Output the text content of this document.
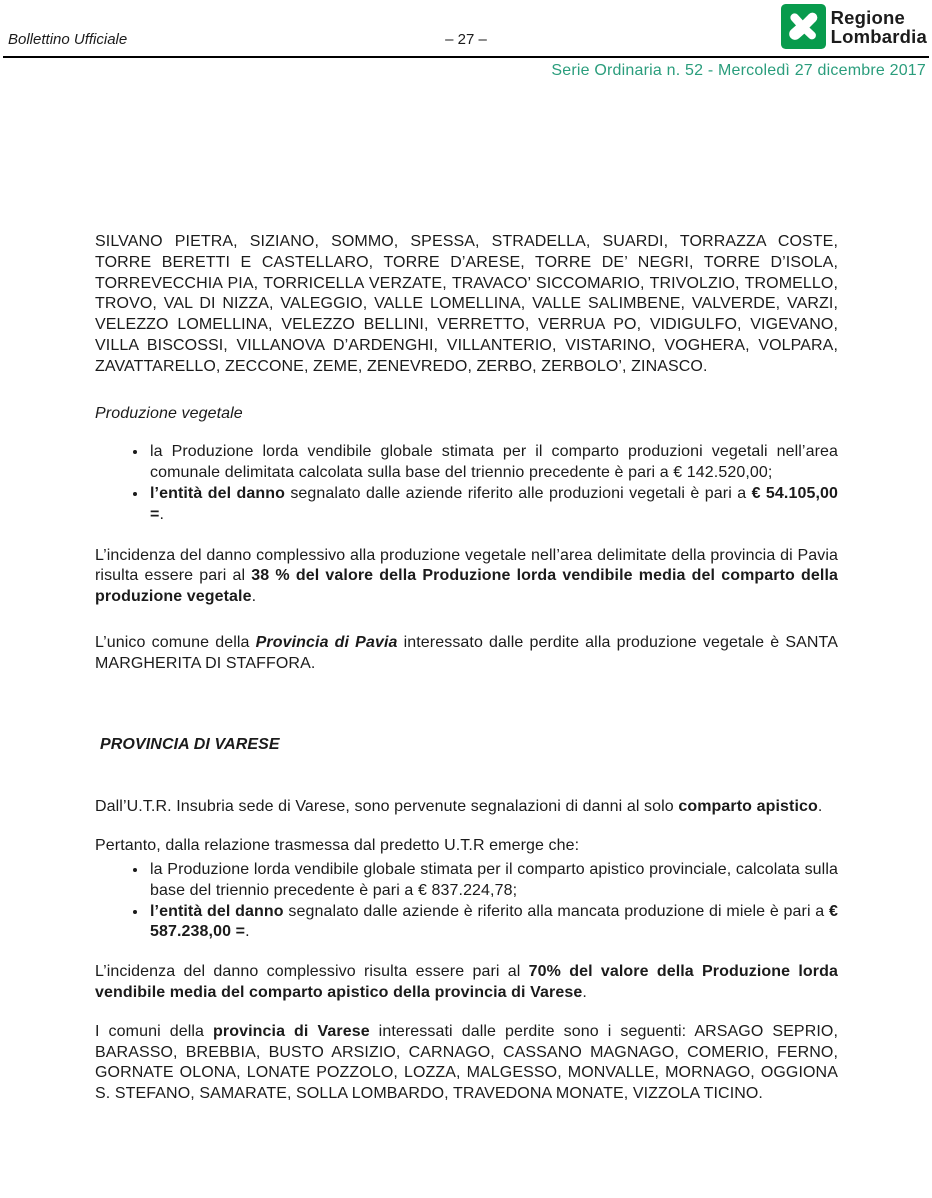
Bollettino Ufficiale	– 27 –
Regione
Lombardia
Serie Ordinaria n. 52 - Mercoledì 27 dicembre 2017

SILVANO PIETRA, SIZIANO, SOMMO, SPESSA, STRADELLA, SUARDI, TORRAZZA COSTE, TORRE BERETTI E CASTELLARO, TORRE D’ARESE, TORRE DE’ NEGRI, TORRE D’ISOLA, TORREVECCHIA PIA, TORRICELLA VERZATE, TRAVACO’ SICCOMARIO, TRIVOLZIO, TROMELLO, TROVO, VAL DI NIZZA, VALEGGIO, VALLE LOMELLINA, VALLE SALIMBENE, VALVERDE, VARZI, VELEZZO LOMELLINA, VELEZZO BELLINI, VERRETTO, VERRUA PO, VIDIGULFO, VIGEVANO, VILLA BISCOSSI, VILLANOVA D’ARDENGHI, VILLANTERIO, VISTARINO, VOGHERA, VOLPARA, ZAVATTARELLO, ZECCONE, ZEME, ZENEVREDO, ZERBO, ZERBOLO’, ZINASCO.

Produzione vegetale
• la Produzione lorda vendibile globale stimata per il comparto produzioni vegetali nell’area comunale delimitata calcolata sulla base del triennio precedente è pari a € 142.520,00;
• l’entità del danno segnalato dalle aziende riferito alle produzioni vegetali è pari a € 54.105,00 =.

L’incidenza del danno complessivo alla produzione vegetale nell’area delimitate della provincia di Pavia risulta essere pari al 38 % del valore della Produzione lorda vendibile media del comparto della produzione vegetale.

L’unico comune della Provincia di Pavia interessato dalle perdite alla produzione vegetale è SANTA MARGHERITA DI STAFFORA.

PROVINCIA DI VARESE

Dall’U.T.R. Insubria sede di Varese, sono pervenute segnalazioni di danni al solo comparto apistico.

Pertanto, dalla relazione trasmessa dal predetto U.T.R emerge che:

• la Produzione lorda vendibile globale stimata per il comparto apistico provinciale, calcolata sulla base del triennio precedente è pari a € 837.224,78;
• l’entità del danno segnalato dalle aziende è riferito alla mancata produzione di miele è pari a € 587.238,00 =.

L’incidenza del danno complessivo risulta essere pari al 70% del valore della Produzione lorda vendibile media del comparto apistico della provincia di Varese.

I comuni della provincia di Varese interessati dalle perdite sono i seguenti: ARSAGO SEPRIO, BARASSO, BREBBIA, BUSTO ARSIZIO, CARNAGO, CASSANO MAGNAGO, COMERIO, FERNO, GORNATE OLONA, LONATE POZZOLO, LOZZA, MALGESSO, MONVALLE, MORNAGO, OGGIONA S. STEFANO, SAMARATE, SOLLA LOMBARDO, TRAVEDONA MONATE, VIZZOLA TICINO.
